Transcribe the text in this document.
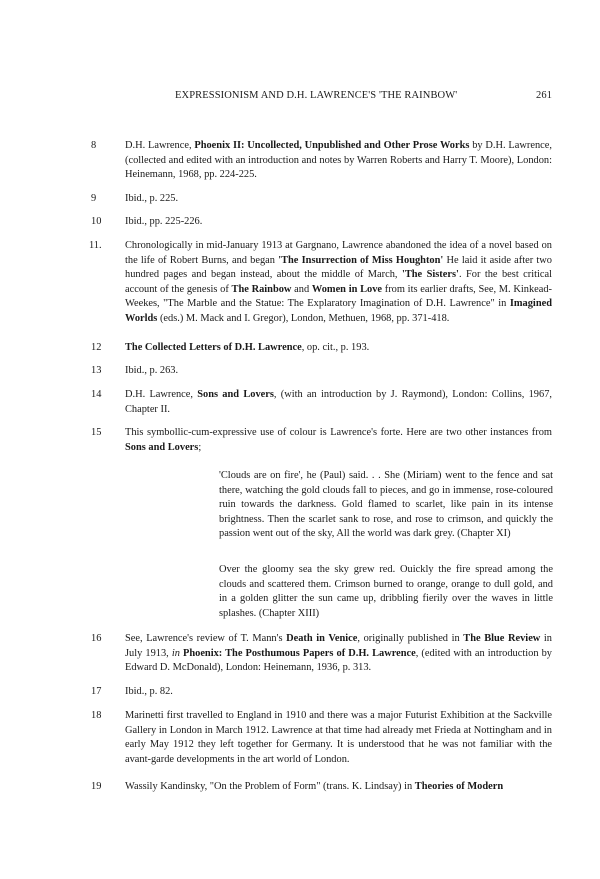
EXPRESSIONISM AND D.H. LAWRENCE'S 'THE RAINBOW'	261
8	D.H. Lawrence, Phoenix II: Uncollected, Unpublished and Other Prose Works by D.H. Lawrence, (collected and edited with an introduction and notes by Warren Roberts and Harry T. Moore), London: Heinemann, 1968, pp. 224-225.
9	Ibid., p. 225.
10 Ibid., pp. 225-226.
11. Chronologically in mid-January 1913 at Gargnano, Lawrence abandoned the idea of a novel based on the life of Robert Burns, and began 'The Insurrection of Miss Houghton' He laid it aside after two hundred pages and began instead, about the middle of March, 'The Sisters'. For the best critical account of the genesis of The Rainbow and Women in Love from its earlier drafts, See, M. Kinkead-Weekes, "The Marble and the Statue: The Explaratory Imagination of D.H. Lawrence" in Imagined Worlds (eds.) M. Mack and I. Gregor), London, Methuen, 1968, pp. 371-418.
12 The Collected Letters of D.H. Lawrence, op. cit., p. 193.
13 Ibid., p. 263.
14 D.H. Lawrence, Sons and Lovers, (with an introduction by J. Raymond), London: Collins, 1967, Chapter II.
15 This symbollic-cum-expressive use of colour is Lawrence's forte. Here are two other instances from Sons and Lovers;
'Clouds are on fire', he (Paul) said. . . She (Miriam) went to the fence and sat there, watching the gold clouds fall to pieces, and go in immense, rose-coloured ruin towards the darkness. Gold flamed to scarlet, like pain in its intense brightness. Then the scarlet sank to rose, and rose to crimson, and quickly the passion went out of the sky, All the world was dark grey. (Chapter XI)
Over the gloomy sea the sky grew red. Ouickly the fire spread among the clouds and scattered them. Crimson burned to orange, orange to dull gold, and in a golden glitter the sun came up, dribbling fierily over the waves in little splashes. (Chapter XIII)
16 See, Lawrence's review of T. Mann's Death in Venice, originally published in The Blue Review in July 1913, in Phoenix: The Posthumous Papers of D.H. Lawrence, (edited with an introduction by Edward D. McDonald), London: Heinemann, 1936, p. 313.
17 Ibid., p. 82.
18 Marinetti first travelled to England in 1910 and there was a major Futurist Exhibition at the Sackville Gallery in London in March 1912. Lawrence at that time had already met Frieda at Nottingham and in early May 1912 they left together for Germany. It is understood that he was not familiar with the avant-garde developments in the art world of London.
19 Wassily Kandinsky, "On the Problem of Form" (trans. K. Lindsay) in Theories of Modern
